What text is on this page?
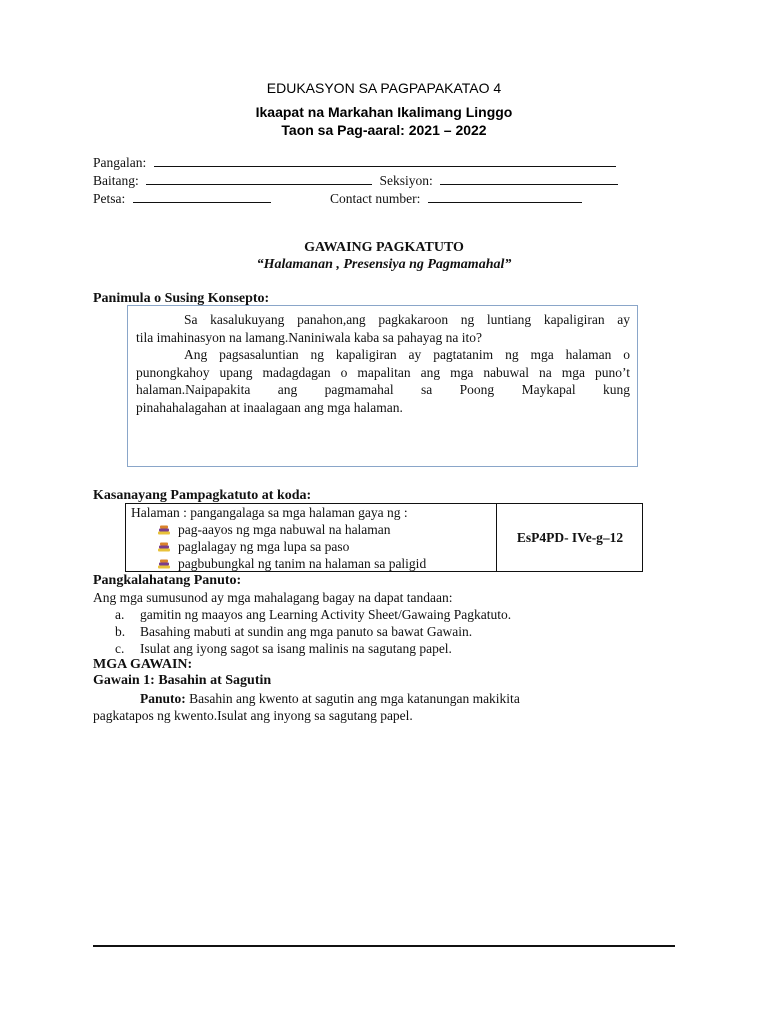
EDUKASYON SA PAGPAPAKATAO 4
Ikaapat na Markahan Ikalimang Linggo
Taon sa Pag-aaral: 2021 – 2022
Pangalan:
Baitang:	Seksiyon:
Petsa:	Contact number:
GAWAING PAGKATUTO
“Halamanan , Presensiya ng Pagmamahal”
Panimula o Susing Konsepto:

Sa kasalukuyang panahon,ang pagkakaroon ng luntiang kapaligiran ay

tila imahinasyon na lamang.Naniniwala kaba sa pahayag na ito?

Ang pagsasaluntian ng kapaligiran ay pagtatanim ng mga halaman o

punongkahoy upang madagdagan o mapalitan ang mga nabuwal na mga puno’t

halaman.Naipapakita ang pagmamahal sa Poong Maykapal kung

pinahahalagahan at inaalagaan ang mga halaman.

Kasanayang Pampagkatuto at koda:
Halaman : pangangalaga sa mga halaman gaya ng :
pag-aayos ng mga nabuwal na halaman
paglalagay ng mga lupa sa paso
pagbubungkal ng tanim na halaman sa paligid
EsP4PD- IVe-g–12
Pangkalahatang Panuto:
Ang mga sumusunod ay mga mahalagang bagay na dapat tandaan:
a. gamitin ng maayos ang Learning Activity Sheet/Gawaing Pagkatuto.
b. Basahing mabuti at sundin ang mga panuto sa bawat Gawain.
c. Isulat ang iyong sagot sa isang malinis na sagutang papel.
MGA GAWAIN:
Gawain 1: Basahin at Sagutin
Panuto: Basahin ang kwento at sagutin ang mga katanungan makikita
pagkatapos ng kwento.Isulat ang inyong sa sagutang papel.
